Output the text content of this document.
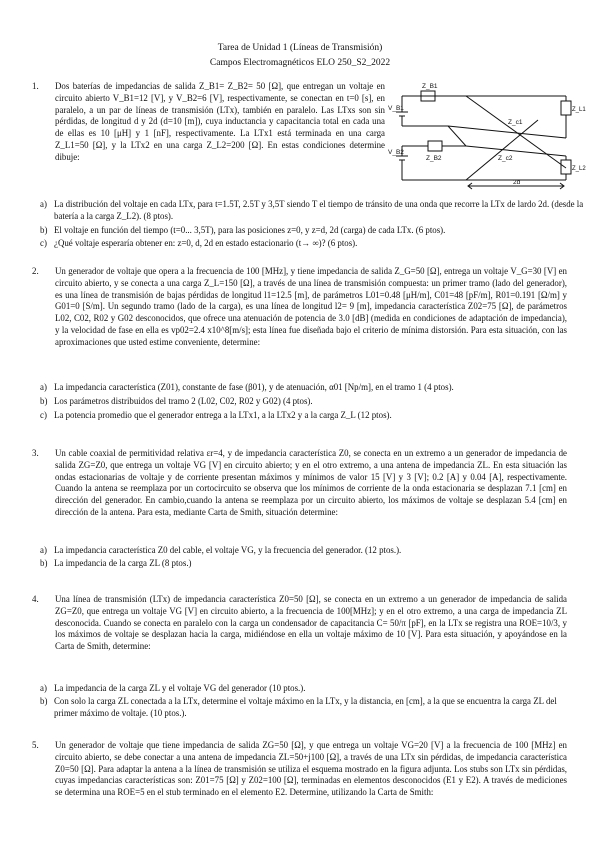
Tarea de Unidad 1 (Líneas de Transmisión)
Campos Electromagnéticos ELO 250_S2_2022
1. Dos baterías de impedancias de salida Z_B1= Z_B2= 50 [Ω], que entregan un voltaje en circuito abierto V_B1=12 [V], y V_B2=6 [V], respectivamente, se conectan en t=0 [s], en paralelo, a un par de líneas de transmisión (LTx), también en paralelo. Las LTxs son sin pérdidas, de longitud d y 2d (d=10 [m]), cuya inductancia y capacitancia total en cada una de ellas es 10 [μH] y 1 [nF], respectivamente. La LTx1 está terminada en una carga Z_L1=50 [Ω], y la LTx2 en una carga Z_L2=200 [Ω]. En estas condiciones determine dibuje:
Z_B1
V_B1
Z_c1
Z_L1
V_B2
Z_B2	Z_c2
Z_L2
2d
a) La distribución del voltaje en cada LTx, para t=1.5T, 2.5T y 3,5T siendo T el tiempo de tránsito de una onda que recorre la LTx de lardo 2d. (desde la batería a la carga Z_L2). (8 ptos).
b) El voltaje en función del tiempo (t=0... 3,5T), para las posiciones z=0, y z=d, 2d (carga) de cada LTx. (6 ptos).
c) ¿Qué voltaje esperaría obtener en: z=0, d, 2d en estado estacionario (t→ ∞)? (6 ptos).
2. Un generador de voltaje que opera a la frecuencia de 100 [MHz], y tiene impedancia de salida Z_G=50 [Ω], entrega un voltaje V_G=30 [V] en circuito abierto, y se conecta a una carga Z_L=150 [Ω], a través de una línea de transmisión compuesta: un primer tramo (lado del generador), es una línea de transmisión de bajas pérdidas de longitud l1=12.5 [m], de parámetros L01=0.48 [μH/m], C01=48 [pF/m], R01=0.191 [Ω/m] y G01=0 [S/m]. Un segundo tramo (lado de la carga), es una línea de longitud l2= 9 [m], impedancia característica Z02=75 [Ω], de parámetros L02, C02, R02 y G02 desconocidos, que ofrece una atenuación de potencia de 3.0 [dB] (medida en condiciones de adaptación de impedancia), y la velocidad de fase en ella es vp02=2.4 x10^8[m/s]; esta línea fue diseñada bajo el criterio de mínima distorsión. Para esta situación, con las aproximaciones que usted estime conveniente, determine:
a) La impedancia característica (Z01), constante de fase (β01), y de atenuación, α01 [Np/m], en el tramo 1 (4 ptos).
b) Los parámetros distribuidos del tramo 2 (L02, C02, R02 y G02) (4 ptos).
c) La potencia promedio que el generador entrega a la LTx1, a la LTx2 y a la carga Z_L (12 ptos).
3. Un cable coaxial de permitividad relativa εr=4, y de impedancia característica Z0, se conecta en un extremo a un generador de impedancia de salida ZG=Z0, que entrega un voltaje VG [V] en circuito abierto; y en el otro extremo, a una antena de impedancia ZL. En esta situación las ondas estacionarias de voltaje y de corriente presentan máximos y mínimos de valor 15 [V] y 3 [V]; 0.2 [A] y 0.04 [A], respectivamente. Cuando la antena se reemplaza por un cortocircuito se observa que los mínimos de corriente de la onda estacionaria se desplazan 7.1 [cm] en dirección del generador. En cambio,cuando la antena se reemplaza por un circuito abierto, los máximos de voltaje se desplazan 5.4 [cm] en dirección de la antena. Para esta, mediante Carta de Smith, situación determine:
a) La impedancia característica Z0 del cable, el voltaje VG, y la frecuencia del generador. (12 ptos.).
b) La impedancia de la carga ZL (8 ptos.)
4. Una línea de transmisión (LTx) de impedancia característica Z0=50 [Ω], se conecta en un extremo a un generador de impedancia de salida ZG=Z0, que entrega un voltaje VG [V] en circuito abierto, a la frecuencia de 100[MHz]; y en el otro extremo, a una carga de impedancia ZL desconocida. Cuando se conecta en paralelo con la carga un condensador de capacitancia C= 50/π [pF], en la LTx se registra una ROE=10/3, y los máximos de voltaje se desplazan hacia la carga, midiéndose en ella un voltaje máximo de 10 [V]. Para esta situación, y apoyándose en la Carta de Smith, determine:
a) La impedancia de la carga ZL y el voltaje VG del generador (10 ptos.).
b) Con solo la carga ZL conectada a la LTx, determine el voltaje máximo en la LTx, y la distancia, en [cm], a la que se encuentra la carga ZL del primer máximo de voltaje. (10 ptos.).
5. Un generador de voltaje que tiene impedancia de salida ZG=50 [Ω], y que entrega un voltaje VG=20 [V] a la frecuencia de 100 [MHz] en circuito abierto, se debe conectar a una antena de impedancia ZL=50+j100 [Ω], a través de una LTx sin pérdidas, de impedancia característica Z0=50 [Ω]. Para adaptar la antena a la línea de transmisión se utiliza el esquema mostrado en la figura adjunta. Los stubs son LTx sin pérdidas, cuyas impedancias características son: Z01=75 [Ω] y Z02=100 [Ω], terminadas en elementos desconocidos (E1 y E2). A través de mediciones se determina una ROE=5 en el stub terminado en el elemento E2. Determine, utilizando la Carta de Smith:
